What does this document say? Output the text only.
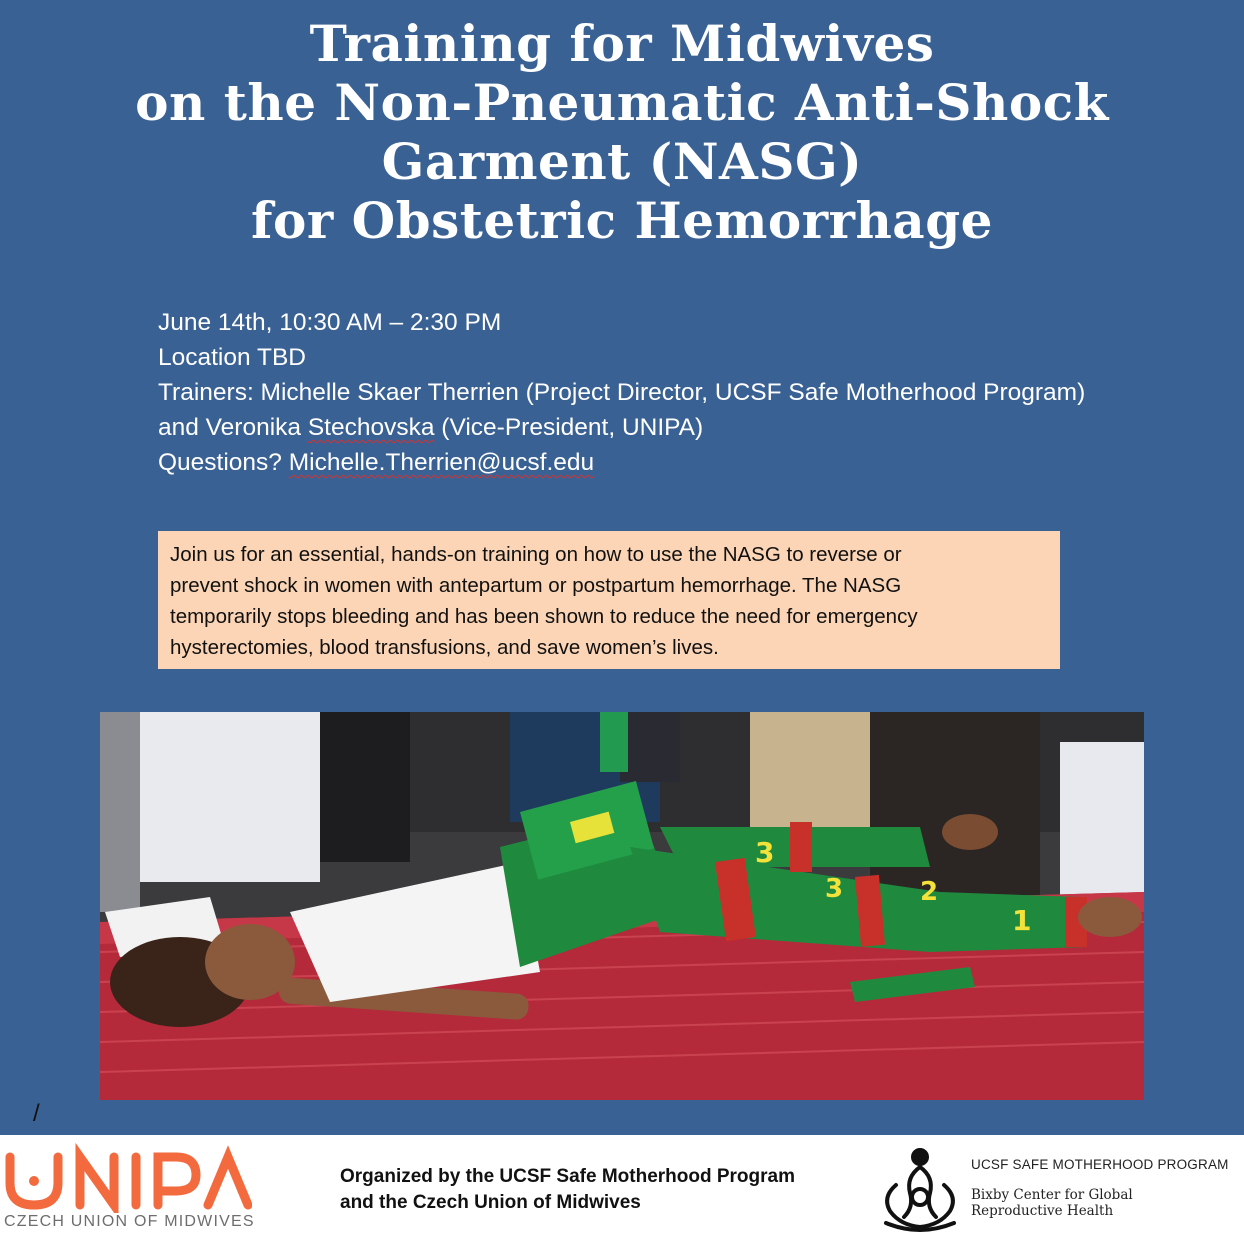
Training for Midwives
on the Non-Pneumatic Anti-Shock
Garment (NASG)
for Obstetric Hemorrhage
June 14th, 10:30 AM – 2:30 PM
Location TBD
Trainers: Michelle Skaer Therrien (Project Director, UCSF Safe Motherhood Program)
and Veronika Stechovska (Vice-President, UNIPA)
Questions? Michelle.Therrien@ucsf.edu
Join us for an essential, hands-on training on how to use the NASG to reverse or
prevent shock in women with antepartum or postpartum hemorrhage. The NASG
temporarily stops bleeding and has been shown to reduce the need for emergency
hysterectomies, blood transfusions, and save women’s lives.
1
2
3
3
/
CZECH UNION OF MIDWIVES
Organized by the UCSF Safe Motherhood Program
and the Czech Union of Midwives
UCSF SAFE MOTHERHOOD PROGRAM
Bixby Center for Global
Reproductive Health
